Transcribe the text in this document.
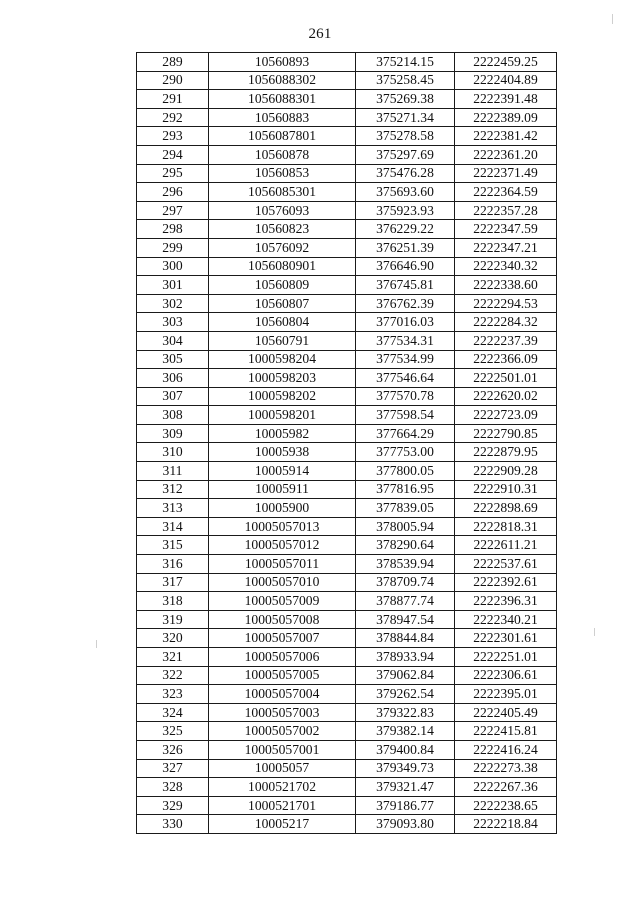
261
289	10560893	375214.15	2222459.25
290	1056088302	375258.45	2222404.89
291	1056088301	375269.38	2222391.48
292	10560883	375271.34	2222389.09
293	1056087801	375278.58	2222381.42
294	10560878	375297.69	2222361.20
295	10560853	375476.28	2222371.49
296	1056085301	375693.60	2222364.59
297	10576093	375923.93	2222357.28
298	10560823	376229.22	2222347.59
299	10576092	376251.39	2222347.21
300	1056080901	376646.90	2222340.32
301	10560809	376745.81	2222338.60
302	10560807	376762.39	2222294.53
303	10560804	377016.03	2222284.32
304	10560791	377534.31	2222237.39
305	1000598204	377534.99	2222366.09
306	1000598203	377546.64	2222501.01
307	1000598202	377570.78	2222620.02
308	1000598201	377598.54	2222723.09
309	10005982	377664.29	2222790.85
310	10005938	377753.00	2222879.95
311	10005914	377800.05	2222909.28
312	10005911	377816.95	2222910.31
313	10005900	377839.05	2222898.69
314	10005057013	378005.94	2222818.31
315	10005057012	378290.64	2222611.21
316	10005057011	378539.94	2222537.61
317	10005057010	378709.74	2222392.61
318	10005057009	378877.74	2222396.31
319	10005057008	378947.54	2222340.21
320	10005057007	378844.84	2222301.61
321	10005057006	378933.94	2222251.01
322	10005057005	379062.84	2222306.61
323	10005057004	379262.54	2222395.01
324	10005057003	379322.83	2222405.49
325	10005057002	379382.14	2222415.81
326	10005057001	379400.84	2222416.24
327	10005057	379349.73	2222273.38
328	1000521702	379321.47	2222267.36
329	1000521701	379186.77	2222238.65
330	10005217	379093.80	2222218.84
